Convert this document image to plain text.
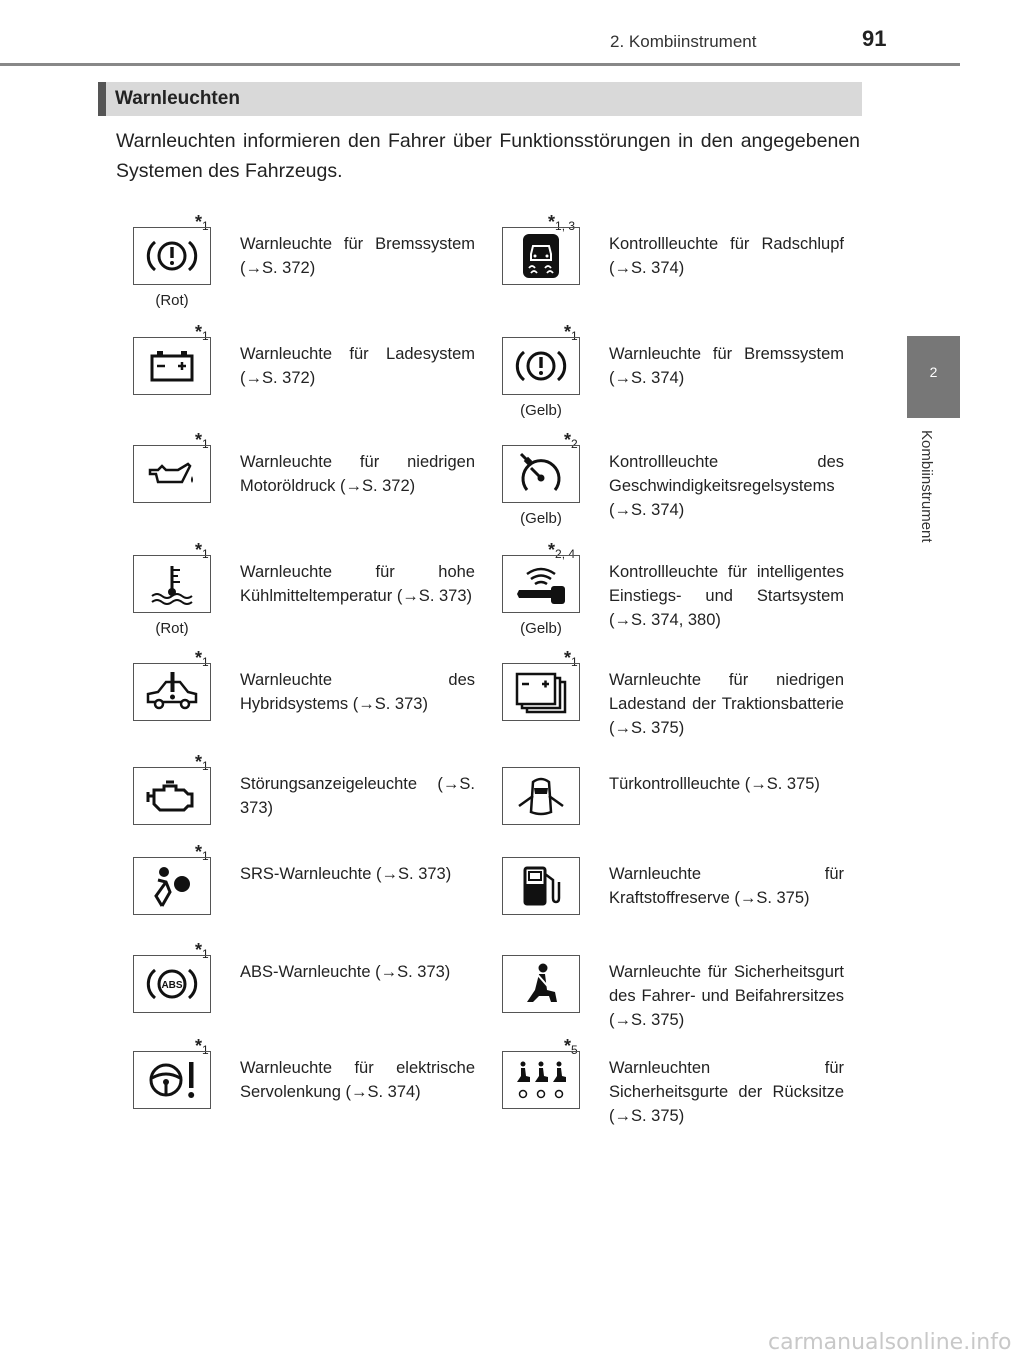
2. Kombiinstrument	91
2
Kombiinstrument
Warnleuchten
Warnleuchten informieren den Fahrer über Funktionsstörungen in den angegebenen Systemen des Fahrzeugs.
$*_1$
(Rot)
Warnleuchte für Bremssystem (→S. 372)
$*_1$
Warnleuchte für Ladesystem (→S. 372)
$*_1$
Warnleuchte für niedrigen Motoröldruck (→S. 372)
$*_1$
(Rot)
Warnleuchte für hohe Kühlmitteltemperatur (→S. 373)
$*_1$
Warnleuchte des Hybridsystems (→S. 373)
$*_1$
Störungsanzeigeleuchte (→S. 373)
$*_1$
SRS-Warnleuchte (→S. 373)
$*_1$
ABS
ABS-Warnleuchte (→S. 373)
$*_1$
Warnleuchte für elektrische Servolenkung (→S. 374)
$*_{1, 3}$
Kontrollleuchte für Radschlupf (→S. 374)
$*_1$
(Gelb)
Warnleuchte für Bremssystem (→S. 374)
$*_2$
(Gelb)
Kontrollleuchte des Geschwindigkeitsregelsystems (→S. 374)
$*_{2, 4}$
(Gelb)
Kontrollleuchte für intelligentes Einstiegs- und Startsystem (→S. 374, 380)
$*_1$
Warnleuchte für niedrigen Ladestand der Traktionsbatterie (→S. 375)
Türkontrollleuchte (→S. 375)
Warnleuchte für Kraftstoffreserve (→S. 375)
Warnleuchte für Sicherheitsgurt des Fahrer- und Beifahrersitzes (→S. 375)
$*_5$
Warnleuchten für Sicherheitsgurte der Rücksitze (→S. 375)
carmanualsonline.info
